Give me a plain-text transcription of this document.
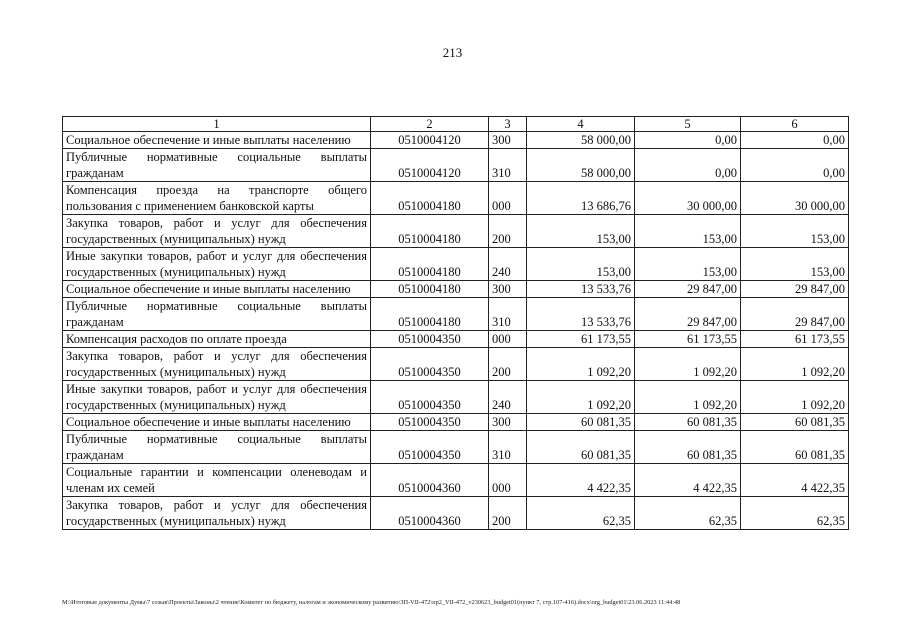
213
1	2	3	4	5	6
Социальное обеспечение и иные выплаты населению	0510004120	300	58 000,00	0,00	0,00
Публичные нормативные социальные выплаты гражданам	0510004120	310	58 000,00	0,00	0,00
Компенсация проезда на транспорте общего пользования с применением банковской карты	0510004180	000	13 686,76	30 000,00	30 000,00
Закупка товаров, работ и услуг для обеспечения государственных (муниципальных) нужд	0510004180	200	153,00	153,00	153,00
Иные закупки товаров, работ и услуг для обеспечения государственных (муниципальных) нужд	0510004180	240	153,00	153,00	153,00
Социальное обеспечение и иные выплаты населению	0510004180	300	13 533,76	29 847,00	29 847,00
Публичные нормативные социальные выплаты гражданам	0510004180	310	13 533,76	29 847,00	29 847,00
Компенсация расходов по оплате проезда	0510004350	000	61 173,55	61 173,55	61 173,55
Закупка товаров, работ и услуг для обеспечения государственных (муниципальных) нужд	0510004350	200	1 092,20	1 092,20	1 092,20
Иные закупки товаров, работ и услуг для обеспечения государственных (муниципальных) нужд	0510004350	240	1 092,20	1 092,20	1 092,20
Социальное обеспечение и иные выплаты населению	0510004350	300	60 081,35	60 081,35	60 081,35
Публичные нормативные социальные выплаты гражданам	0510004350	310	60 081,35	60 081,35	60 081,35
Социальные гарантии и компенсации оленеводам и членам их семей	0510004360	000	4 422,35	4 422,35	4 422,35
Закупка товаров, работ и услуг для обеспечения государственных (муниципальных) нужд	0510004360	200	62,35	62,35	62,35
M:\Итоговые документы Думы\7 созыв\Проекты\Законы\2 чтение\Комитет по бюджету, налогам и экономическому развитию\ЗП-VII-472\пр2_VII-472_v230623_budget01(пункт 7, стр.107-416).docx\org_budget01\23.06.2023 11:44:48
